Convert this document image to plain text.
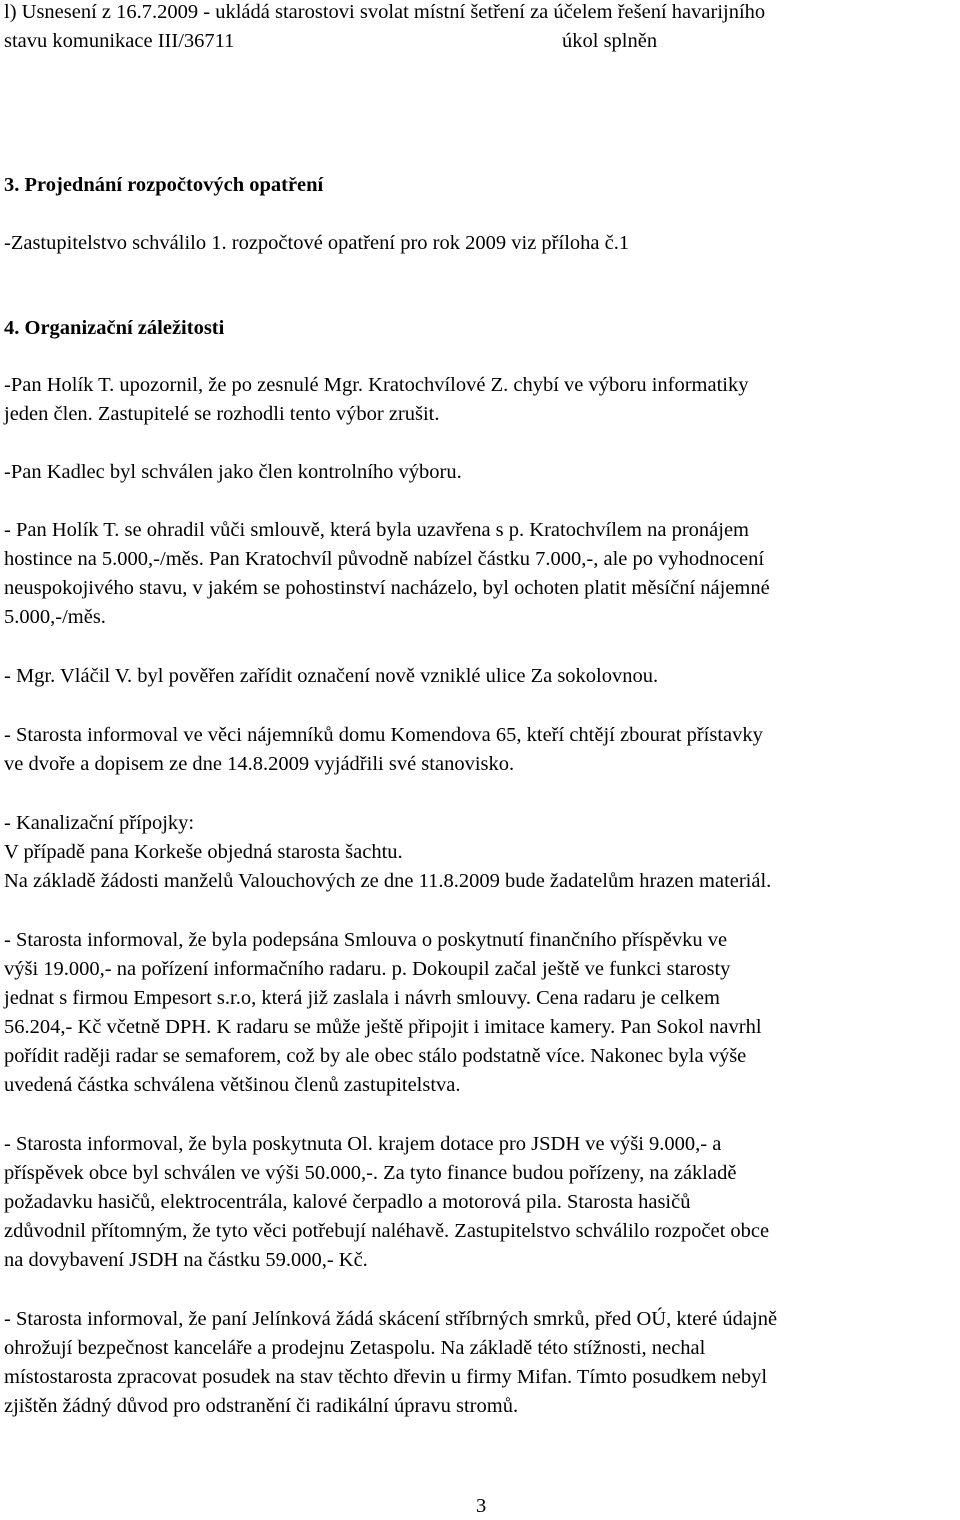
l) Usnesení z 16.7.2009 - ukládá starostovi svolat místní šetření za účelem řešení havarijního
stavu komunikace III/36711	úkol splněn
3. Projednání rozpočtových opatření
-Zastupitelstvo schválilo 1. rozpočtové opatření pro rok 2009 viz příloha č.1
4. Organizační záležitosti
-Pan Holík T. upozornil, že po zesnulé Mgr. Kratochvílové Z. chybí ve výboru informatiky
jeden člen. Zastupitelé se rozhodli tento výbor zrušit.
-Pan Kadlec byl schválen jako člen kontrolního výboru.
- Pan Holík T. se ohradil vůči smlouvě, která byla uzavřena s p. Kratochvílem na pronájem
hostince na 5.000,-/měs. Pan Kratochvíl původně nabízel částku 7.000,-, ale po vyhodnocení
neuspokojivého stavu, v jakém se pohostinství nacházelo, byl ochoten platit měsíční nájemné
5.000,-/měs.
- Mgr. Vláčil V. byl pověřen zařídit označení nově vzniklé ulice Za sokolovnou.
- Starosta informoval ve věci nájemníků domu Komendova 65, kteří chtějí zbourat přístavky
ve dvoře a dopisem ze dne 14.8.2009 vyjádřili své stanovisko.
- Kanalizační přípojky:
V případě pana Korkeše objedná starosta šachtu.
Na základě žádosti manželů Valouchových ze dne 11.8.2009 bude žadatelům hrazen materiál.
- Starosta informoval, že byla podepsána Smlouva o poskytnutí finančního příspěvku ve
výši 19.000,- na pořízení informačního radaru. p. Dokoupil začal ještě ve funkci starosty
jednat s firmou Empesort s.r.o, která již zaslala i návrh smlouvy. Cena radaru je celkem
56.204,- Kč včetně DPH. K radaru se může ještě připojit i imitace kamery. Pan Sokol navrhl
pořídit raději radar se semaforem, což by ale obec stálo podstatně více. Nakonec byla výše
uvedená částka schválena většinou členů zastupitelstva.
- Starosta informoval, že byla poskytnuta Ol. krajem dotace pro JSDH ve výši 9.000,- a
příspěvek obce byl schválen ve výši 50.000,-. Za tyto finance budou pořízeny, na základě
požadavku hasičů, elektrocentrála, kalové čerpadlo a motorová pila. Starosta hasičů
zdůvodnil přítomným, že tyto věci potřebují naléhavě. Zastupitelstvo schválilo rozpočet obce
na dovybavení JSDH na částku 59.000,- Kč.
- Starosta informoval, že paní Jelínková žádá skácení stříbrných smrků, před OÚ, které údajně
ohrožují bezpečnost kanceláře a prodejnu Zetaspolu. Na základě této stížnosti, nechal
místostarosta zpracovat posudek na stav těchto dřevin u firmy Mifan. Tímto posudkem nebyl
zjištěn žádný důvod pro odstranění či radikální úpravu stromů.
3
